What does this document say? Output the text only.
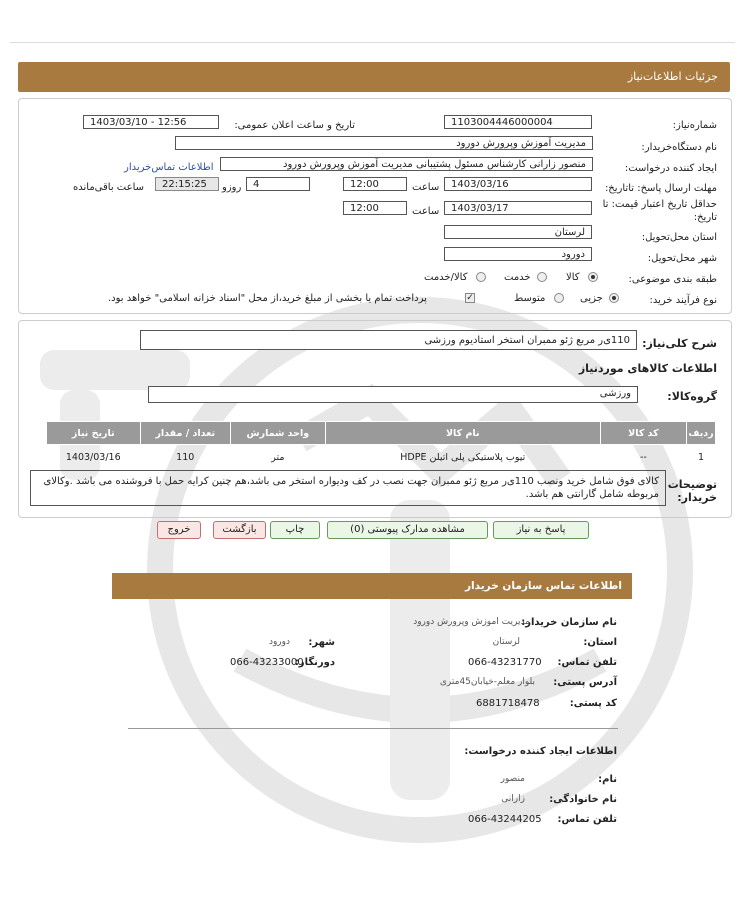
جزئیات اطلاعات‌نیاز
شماره‌نیاز:
1103004446000004
تاریخ و ساعت اعلان عمومی:
1403/03/10 - 12:56
نام دستگاه‌خریدار:
مدیریت آموزش وپرورش دورود
ایجاد کننده درخواست:
منصور زارانی کارشناس مسئول پشتیبانی مدیریت آموزش وپرورش دورود
اطلاعات تماس‌خریدار
مهلت ارسال پاسخ: تاتاریخ:
1403/03/16
ساعت
12:00
4
روزو
22:15:25
ساعت باقی‌مانده
حداقل تاریخ اعتبار قیمت: تا تاریخ:
1403/03/17
ساعت
12:00
استان محل‌تحویل:
لرستان
شهر محل‌تحویل:
دورود
طبقه بندی موضوعی:
کالا
خدمت
کالا/خدمت
نوع فرآیند خرید:
جزیی
متوسط
✓
پرداخت تمام یا بخشی از مبلغ خرید،از محل "اسناد خزانه اسلامی" خواهد بود.
شرح کلی‌نیاز:
110ی‌ر مربع ژئو ممبران استخر استادیوم ورزشی
اطلاعات کالاهای موردنیاز
گروه‌کالا:
ورزشی
ردیف	کد کالا	نام کالا	واحد شمارش	تعداد / مقدار	تاریخ نیاز
1	--	تیوب پلاستیکی پلی اتیلن HDPE	متر	110	1403/03/16
توضیحات خریدار:
کالای فوق شامل خرید ونصب 110ی‌ر مربع ژئو ممبران جهت نصب در کف ودیواره استخر می باشد،هم چنین کرایه حمل با فروشنده می باشد .وکالای مربوطه شامل گارانتی هم باشد.
پاسخ به نیاز
مشاهده مدارک پیوستی (0)
چاپ
بازگشت
خروج
اطلاعات تماس سازمان خریدار
نام سازمان خریدار:
مدیریت اموزش وپرورش دورود
استان:
لرستان
شهر:
دورود
تلفن تماس:
066-43231770
دورنگار:
066-43233000
آدرس پستی:
بلوار معلم-خیابان45متری
کد پستی:
6881718478
اطلاعات ایجاد کننده درخواست:
نام:
منصور
نام خانوادگی:
زارانی
تلفن تماس:
066-43244205
